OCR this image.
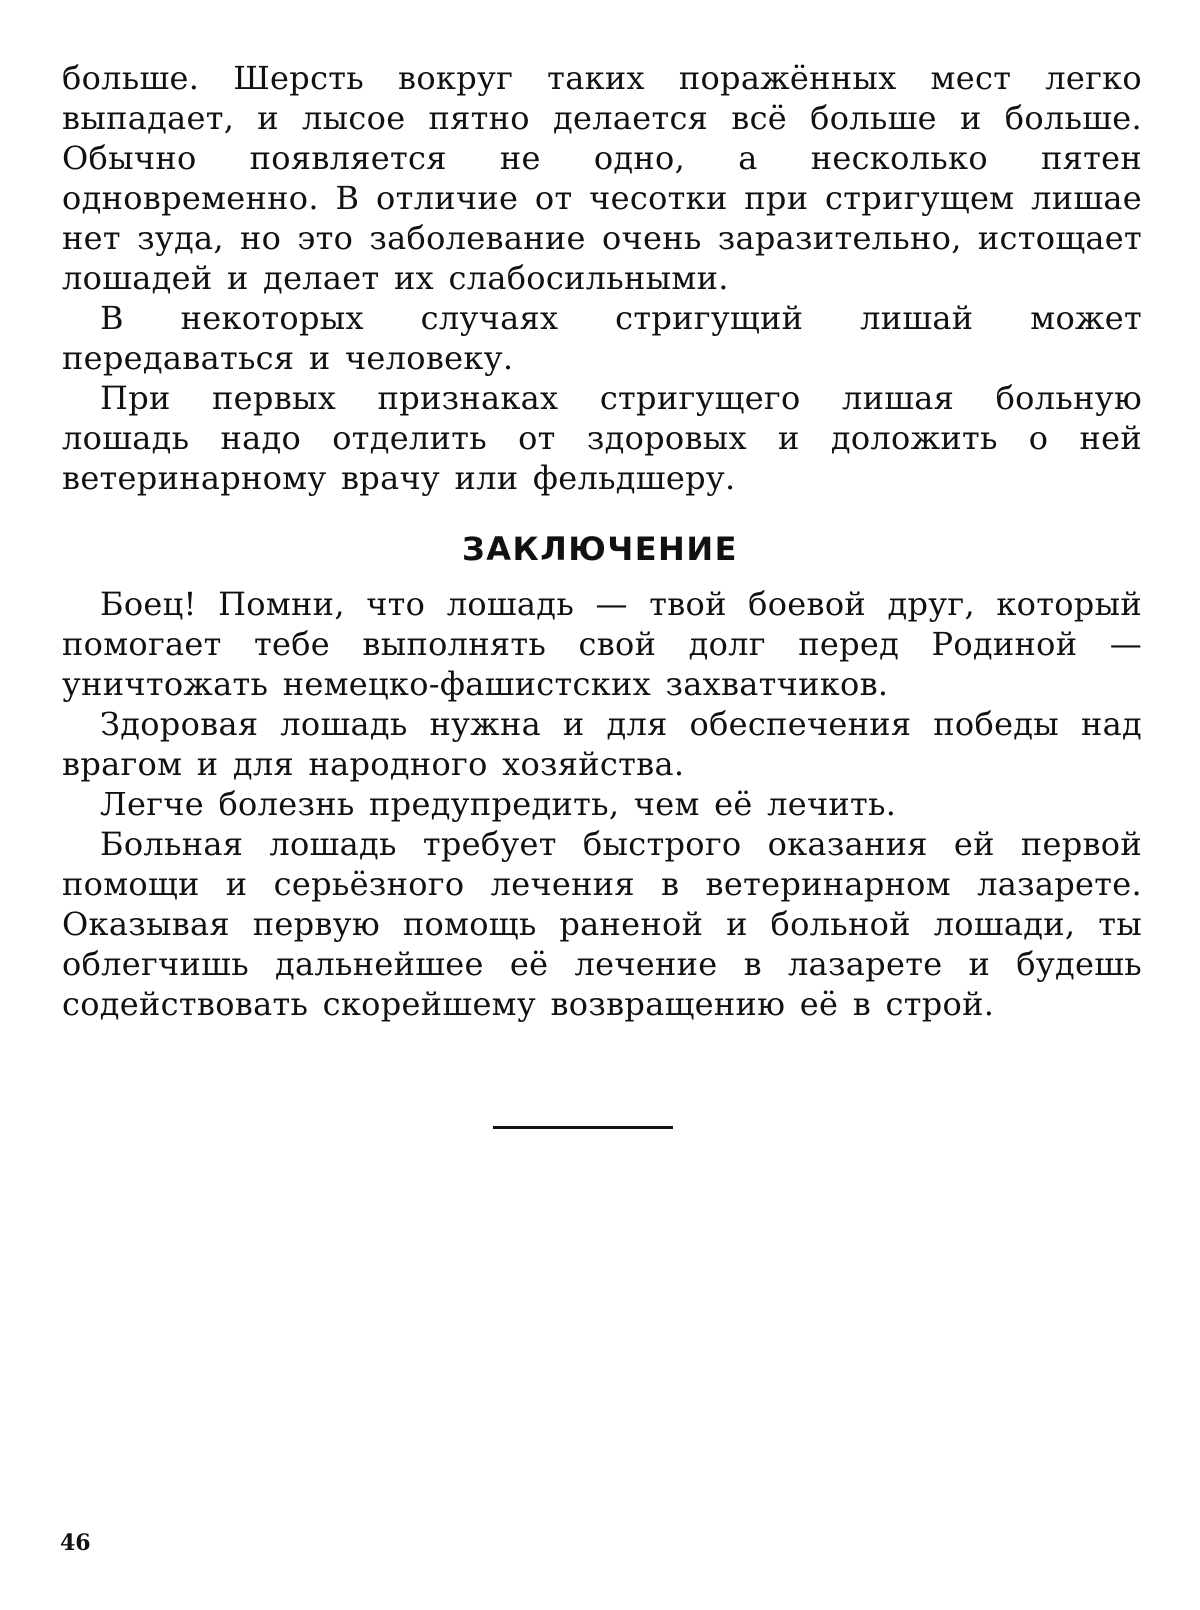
больше. Шерсть вокруг таких поражённых мест легко выпадает, и лысое пятно делается всё больше и больше. Обычно появляется не одно, а несколько пятен одновременно. В отличие от чесотки при стригущем лишае нет зуда, но это заболевание очень заразительно, истощает лошадей и делает их слабосильными.

В некоторых случаях стригущий лишай может передаваться и человеку.

При первых признаках стригущего лишая больную лошадь надо отделить от здоровых и доложить о ней ветеринарному врачу или фельдшеру.

ЗАКЛЮЧЕНИЕ

Боец! Помни, что лошадь — твой боевой друг, который помогает тебе выполнять свой долг перед Родиной — уничтожать немецко-фашистских захватчиков.

Здоровая лошадь нужна и для обеспечения победы над врагом и для народного хозяйства.

Легче болезнь предупредить, чем её лечить.

Больная лошадь требует быстрого оказания ей первой помощи и серьёзного лечения в ветеринарном лазарете. Оказывая первую помощь раненой и больной лошади, ты облегчишь дальнейшее её лечение в лазарете и будешь содействовать скорейшему возвращению её в строй.

46
